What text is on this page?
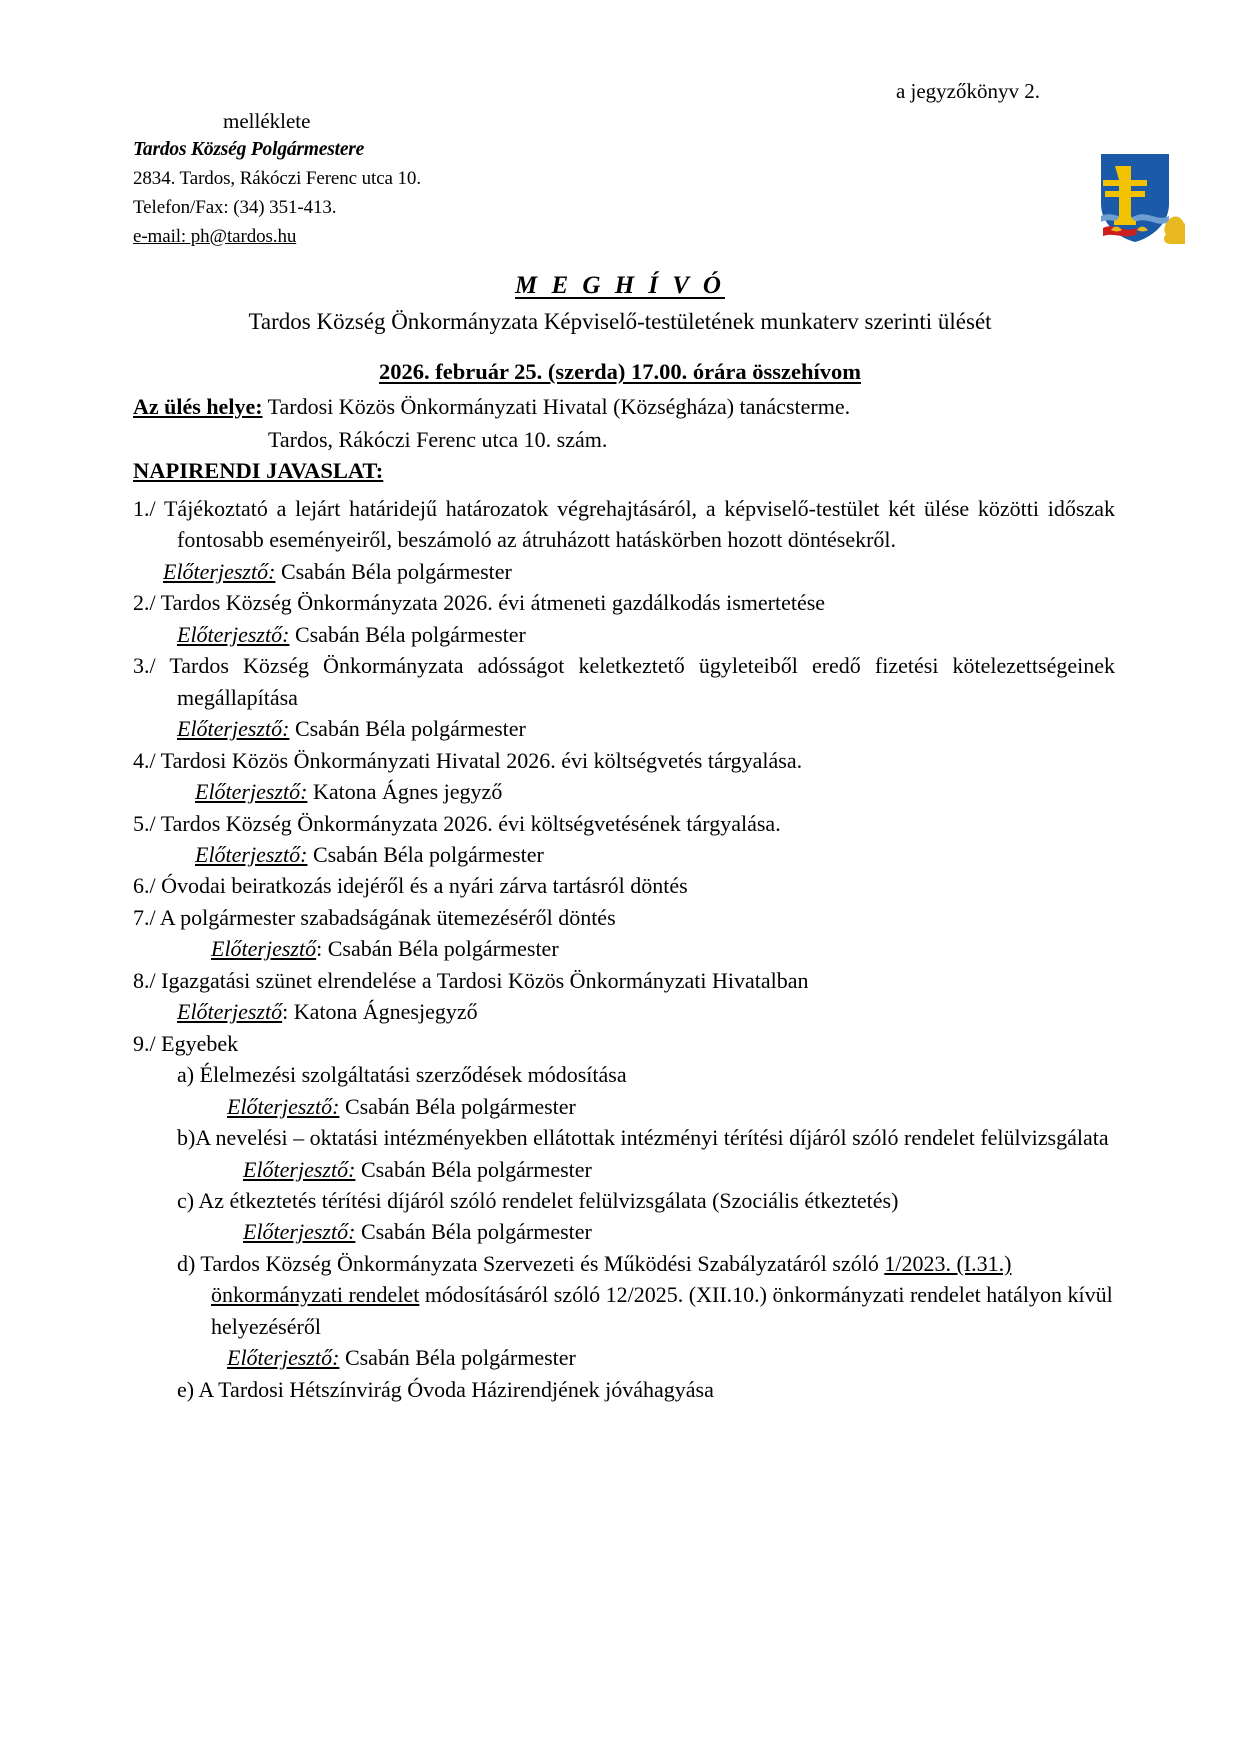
a jegyzőkönyv 2.
melléklete
Tardos Község Polgármestere
2834. Tardos, Rákóczi Ferenc utca 10.
Telefon/Fax: (34) 351-413.
e-mail: ph@tardos.hu
M E G H Í V Ó
Tardos Község Önkormányzata Képviselő-testületének munkaterv szerinti ülését
2026. február 25. (szerda) 17.00. órára összehívom
Az ülés helye: Tardosi Közös Önkormányzati Hivatal (Községháza) tanácsterme.
Tardos, Rákóczi Ferenc utca 10. szám.
NAPIRENDI JAVASLAT:

1./ Tájékoztató a lejárt határidejű határozatok végrehajtásáról, a képviselő-testület két ülése közötti időszak fontosabb eseményeiről, beszámoló az átruházott hatáskörben hozott döntésekről.

Előterjesztő: Csabán Béla polgármester

2./ Tardos Község Önkormányzata 2026. évi átmeneti gazdálkodás ismertetése

Előterjesztő: Csabán Béla polgármester

3./ Tardos Község Önkormányzata adósságot keletkeztető ügyleteiből eredő fizetési kötelezettségeinek megállapítása

Előterjesztő: Csabán Béla polgármester

4./ Tardosi Közös Önkormányzati Hivatal 2026. évi költségvetés tárgyalása.

Előterjesztő: Katona Ágnes jegyző

5./ Tardos Község Önkormányzata 2026. évi költségvetésének tárgyalása.

Előterjesztő: Csabán Béla polgármester

6./ Óvodai beiratkozás idejéről és a nyári zárva tartásról döntés

7./ A polgármester szabadságának ütemezéséről döntés

Előterjesztő: Csabán Béla polgármester

8./ Igazgatási szünet elrendelése a Tardosi Közös Önkormányzati Hivatalban

Előterjesztő: Katona Ágnesjegyző

9./ Egyebek

a) Élelmezési szolgáltatási szerződések módosítása

Előterjesztő: Csabán Béla polgármester

b)A nevelési – oktatási intézményekben ellátottak intézményi térítési díjáról szóló rendelet felülvizsgálata

Előterjesztő: Csabán Béla polgármester

c) Az étkeztetés térítési díjáról szóló rendelet felülvizsgálata (Szociális étkeztetés)

Előterjesztő: Csabán Béla polgármester

d) Tardos Község Önkormányzata Szervezeti és Működési Szabályzatáról szóló 1/2023. (I.31.) önkormányzati rendelet módosításáról szóló 12/2025. (XII.10.) önkormányzati rendelet hatályon kívül helyezéséről

Előterjesztő: Csabán Béla polgármester

e) A Tardosi Hétszínvirág Óvoda Házirendjének jóváhagyása
